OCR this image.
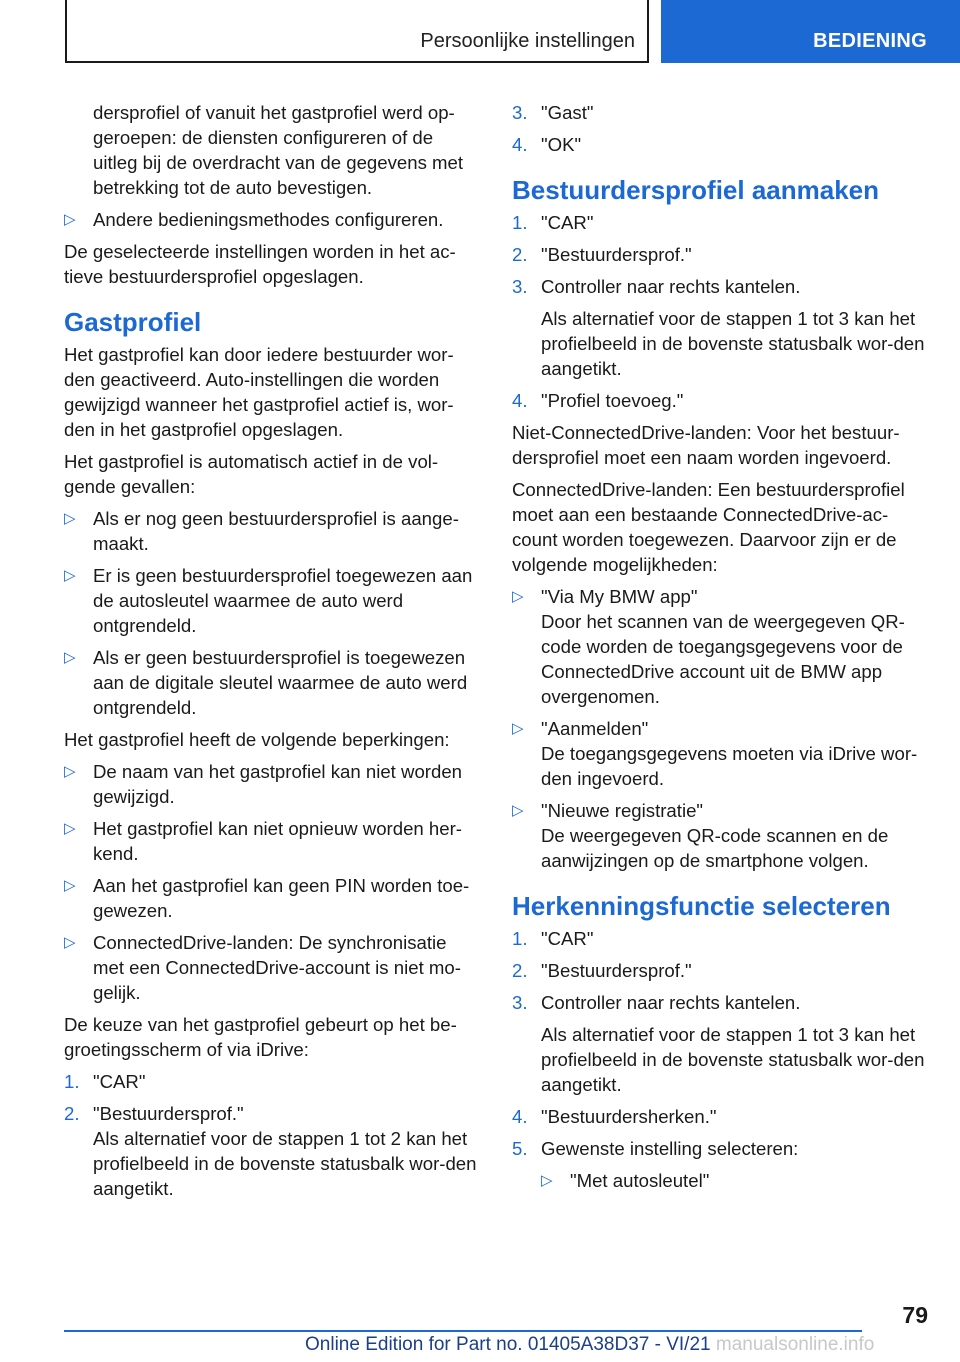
Persoonlijke instellingen	BEDIENING

dersprofiel of vanuit het gastprofiel werd op-geroepen: de diensten configureren of de uitleg bij de overdracht van de gegevens met betrekking tot de auto bevestigen.

▷ Andere bedieningsmethodes configureren.

De geselecteerde instellingen worden in het ac-tieve bestuurdersprofiel opgeslagen.

Gastprofiel

Het gastprofiel kan door iedere bestuurder wor-den geactiveerd. Auto-instellingen die worden gewijzigd wanneer het gastprofiel actief is, wor-den in het gastprofiel opgeslagen.

Het gastprofiel is automatisch actief in de vol-gende gevallen:

▷ Als er nog geen bestuurdersprofiel is aange-maakt.
▷ Er is geen bestuurdersprofiel toegewezen aan de autosleutel waarmee de auto werd ontgrendeld.
▷ Als er geen bestuurdersprofiel is toegewezen aan de digitale sleutel waarmee de auto werd ontgrendeld.

Het gastprofiel heeft de volgende beperkingen:

▷ De naam van het gastprofiel kan niet worden gewijzigd.
▷ Het gastprofiel kan niet opnieuw worden her-kend.
▷ Aan het gastprofiel kan geen PIN worden toe-gewezen.
▷ ConnectedDrive-landen: De synchronisatie met een ConnectedDrive-account is niet mo-gelijk.

De keuze van het gastprofiel gebeurt op het be-groetingsscherm of via iDrive:

1. "CAR"
2. "Bestuurdersprof."

Als alternatief voor de stappen 1 tot 2 kan het profielbeeld in de bovenste statusbalk wor-den aangetikt.

3. "Gast"
4. "OK"
Bestuurdersprofiel aanmaken
1. "CAR"
2. "Bestuurdersprof."
3. Controller naar rechts kantelen.

Als alternatief voor de stappen 1 tot 3 kan het profielbeeld in de bovenste statusbalk wor-den aangetikt.

4. "Profiel toevoeg."

Niet-ConnectedDrive-landen: Voor het bestuur-dersprofiel moet een naam worden ingevoerd.

ConnectedDrive-landen: Een bestuurdersprofiel moet aan een bestaande ConnectedDrive-ac-count worden toegewezen. Daarvoor zijn er de volgende mogelijkheden:

▷ "Via My BMW app"

Door het scannen van de weergegeven QR-code worden de toegangsgegevens voor de ConnectedDrive account uit de BMW app overgenomen.

▷ "Aanmelden"

De toegangsgegevens moeten via iDrive wor-den ingevoerd.

▷ "Nieuwe registratie"

De weergegeven QR-code scannen en de aanwijzingen op de smartphone volgen.

Herkenningsfunctie selecteren
1. "CAR"
2. "Bestuurdersprof."
3. Controller naar rechts kantelen.

Als alternatief voor de stappen 1 tot 3 kan het profielbeeld in de bovenste statusbalk wor-den aangetikt.

4. "Bestuurdersherken."
5. Gewenste instelling selecteren:
▷ "Met autosleutel"
79
Online Edition for Part no. 01405A38D37 - VI/21 manualsonline.info
